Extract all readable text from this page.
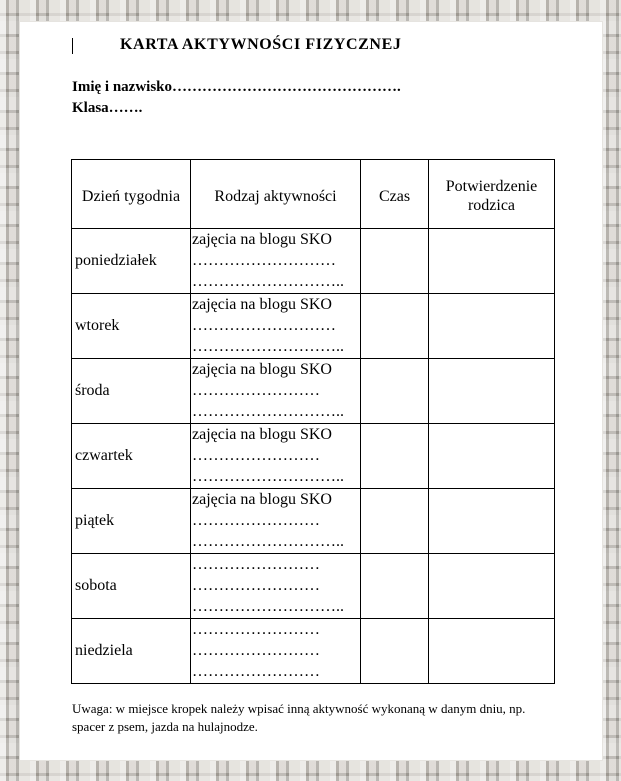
KARTA AKTYWNOŚCI FIZYCZNEJ
Imię i nazwisko……………………………………….
Klasa…….
Dzień tygodnia	Rodzaj aktywności	Czas	Potwierdzenie rodzica
poniedziałek	zajęcia na blogu SKO
………………………
………………………..		

wtorek	zajęcia na blogu SKO
………………………
………………………..		

środa	zajęcia na blogu SKO
……………………
………………………..		

czwartek	zajęcia na blogu SKO
……………………
………………………..		

piątek	zajęcia na blogu SKO
……………………
………………………..		

sobota	……………………
……………………
………………………..		

niedziela	……………………
……………………
……………………		

Uwaga: w miejsce kropek należy wpisać inną aktywność wykonaną w danym dniu, np. spacer z psem, jazda na hulajnodze.
